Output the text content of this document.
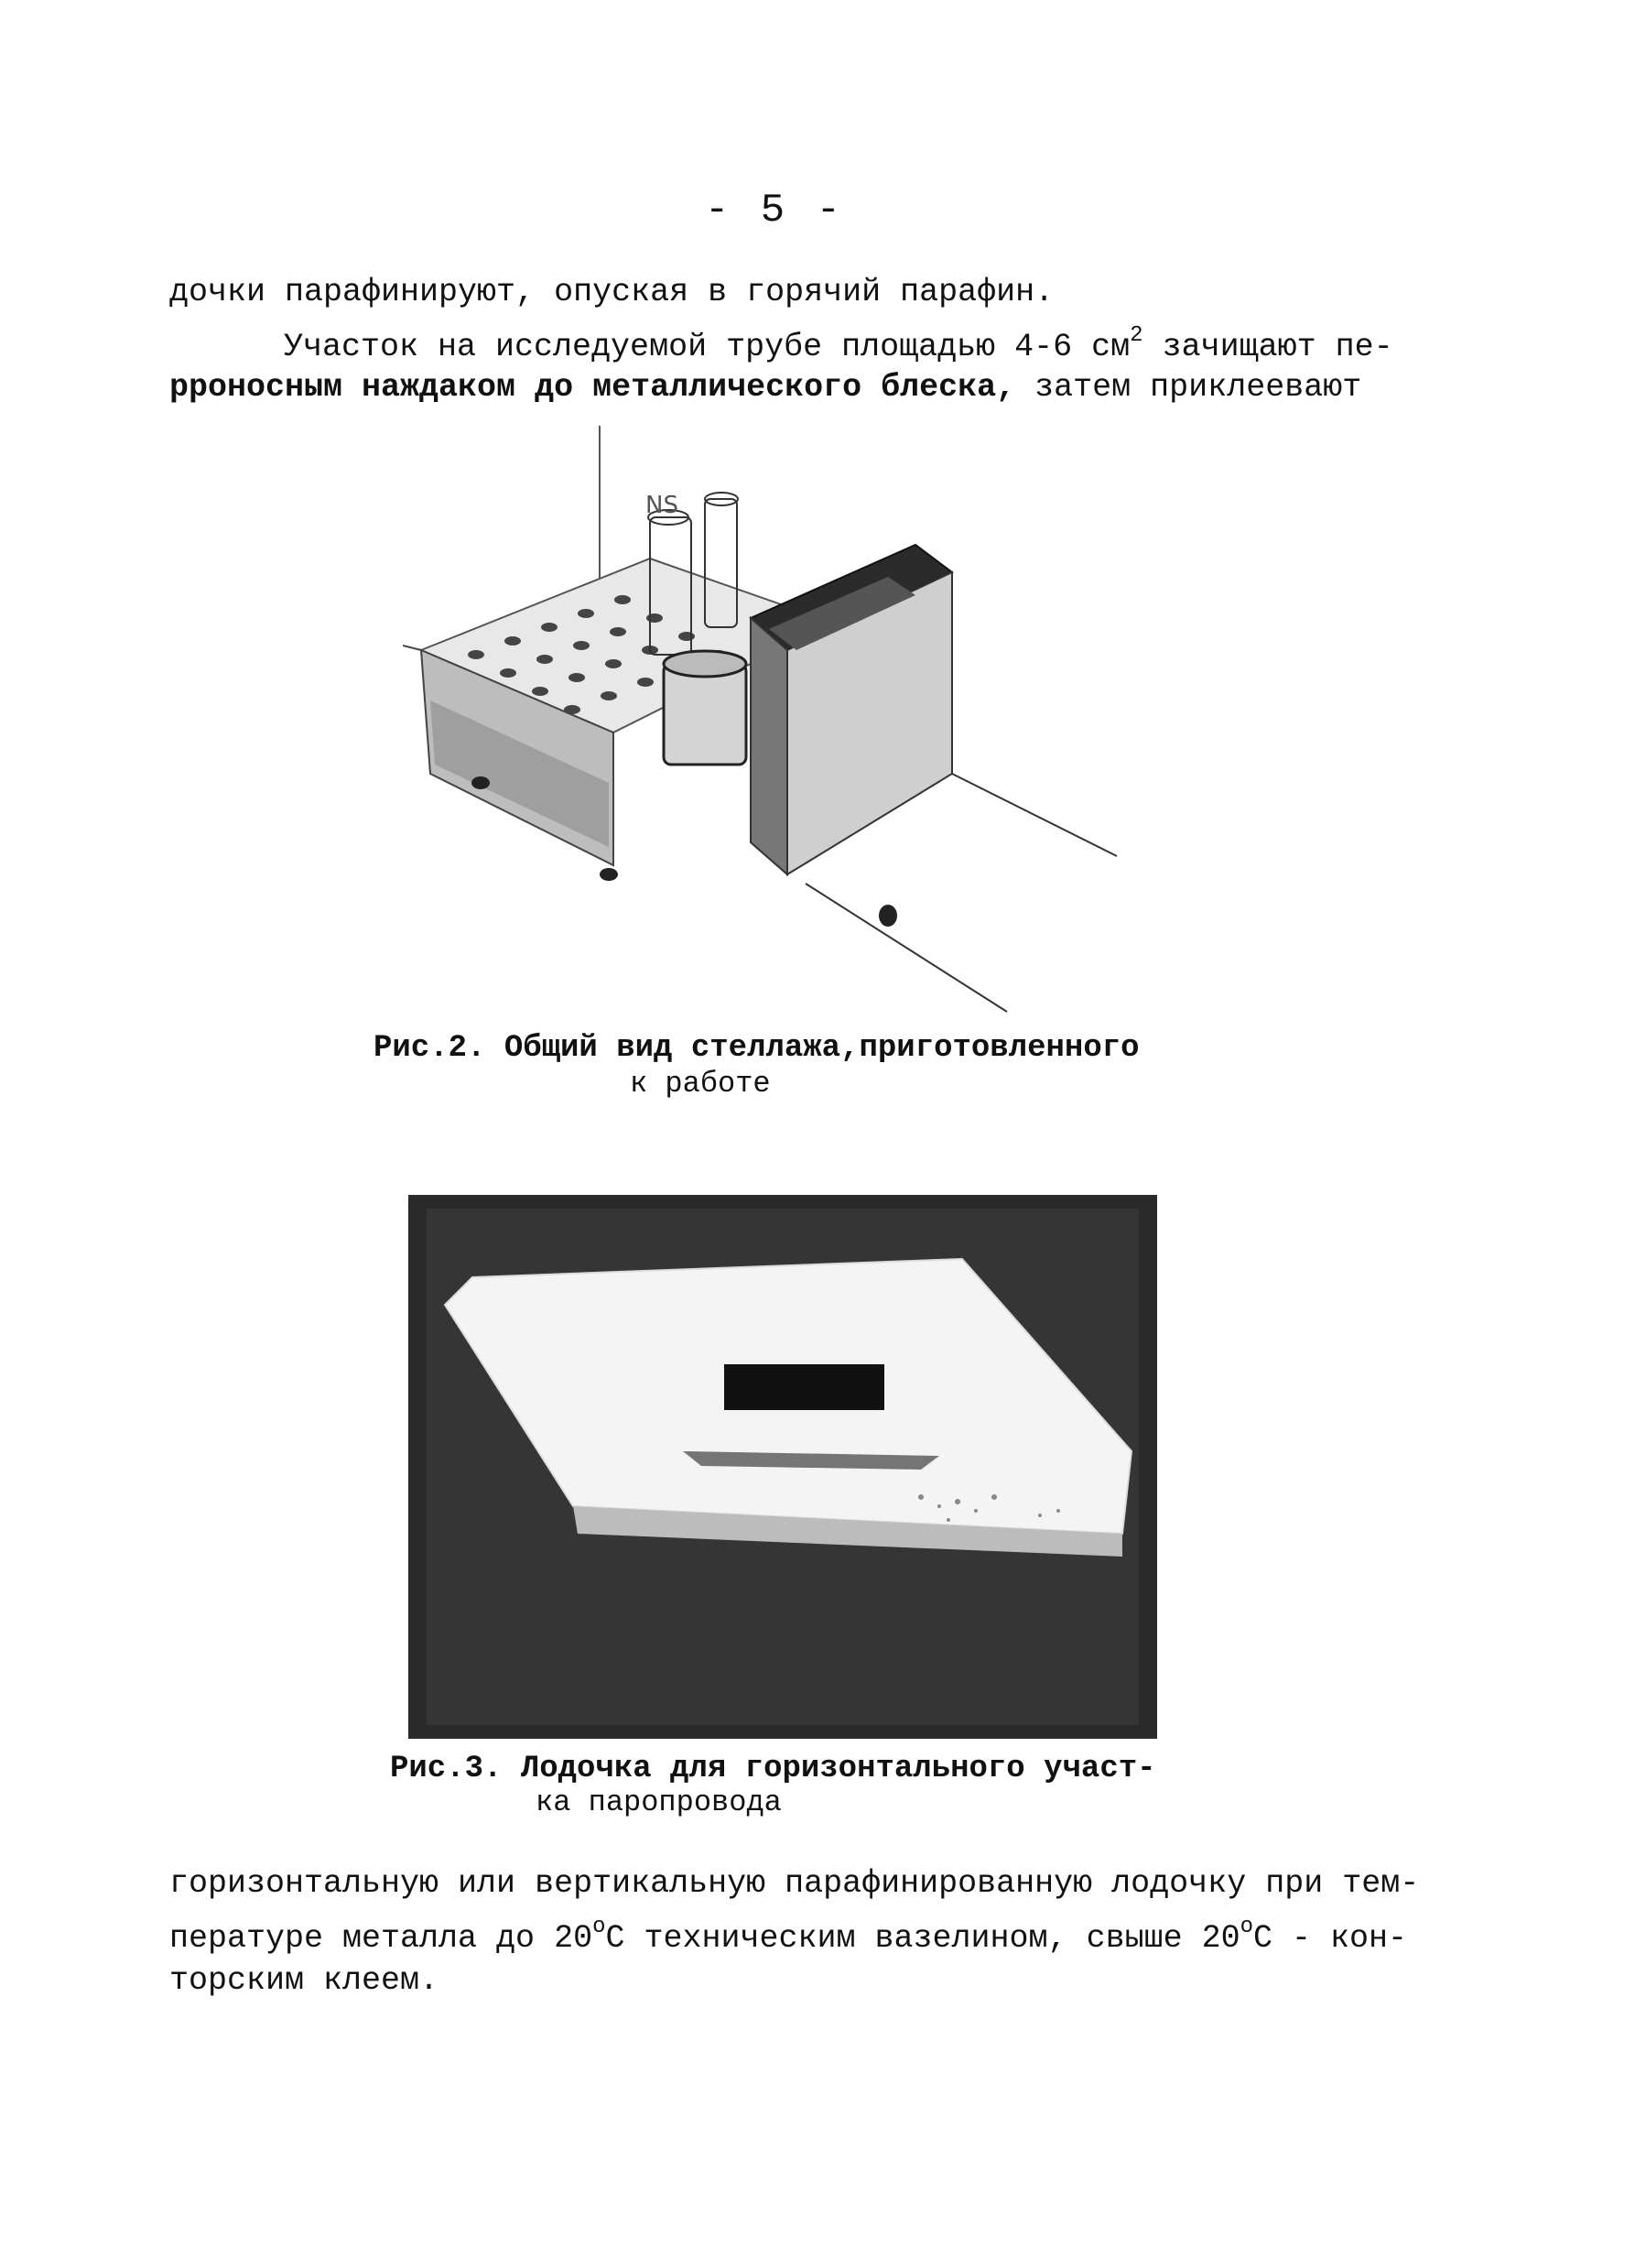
- 5 -
дочки парафинируют, опуская в горячий парафин.
Участок на исследуемой трубе площадью 4-6 $см^2$ зачищают пе-
рроносным наждаком до металлического блеска, затем приклеевают
NS
Рис.2. Общий вид стеллажа,приготовленного
к работе
Рис.3. Лодочка для горизонтального участ-
ка паропровода
горизонтальную или вертикальную парафинированную лодочку при тем-
пературе металла до 20$^o$C техническим вазелином, свыше 20$^o$C - кон-
торским клеем.
